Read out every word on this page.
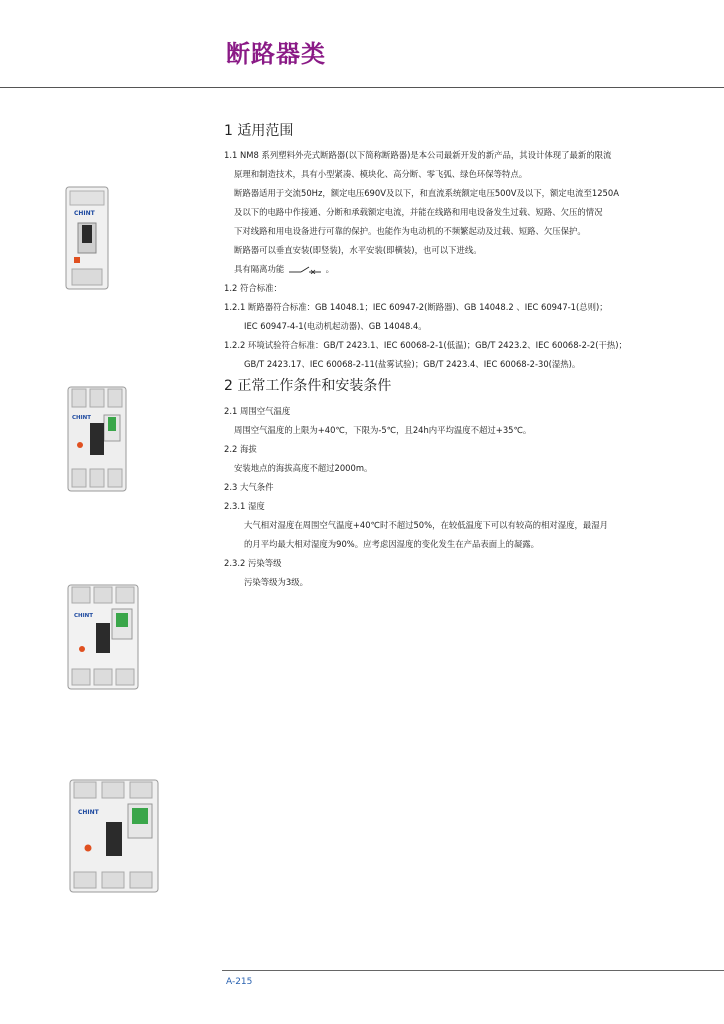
断路器类
1 适用范围

1.1 NM8 系列塑料外壳式断路器(以下简称断路器)是本公司最新开发的新产品，其设计体现了最新的限流

原理和制造技术，具有小型紧凑、模块化、高分断、零飞弧、绿色环保等特点。

断路器适用于交流50Hz，额定电压690V及以下，和直流系统额定电压500V及以下，额定电流至1250A

及以下的电路中作接通、分断和承载额定电流，并能在线路和用电设备发生过载、短路、欠压的情况

下对线路和用电设备进行可靠的保护。也能作为电动机的不频繁起动及过载、短路、欠压保护。

断路器可以垂直安装(即竖装)，水平安装(即横装)，也可以下进线。

具有隔离功能	。

1.2 符合标准：

1.2.1 断路器符合标准：GB 14048.1；IEC 60947-2(断路器)、GB 14048.2 、IEC 60947-1(总则)；

IEC 60947-4-1(电动机起动器)、GB 14048.4。

1.2.2 环境试验符合标准：GB/T 2423.1、IEC 60068-2-1(低温)；GB/T 2423.2、IEC 60068-2-2(干热)；

GB/T 2423.17、IEC 60068-2-11(盐雾试验)；GB/T 2423.4、IEC 60068-2-30(湿热)。

2 正常工作条件和安装条件

2.1 周围空气温度

周围空气温度的上限为+40℃，下限为-5℃，且24h内平均温度不超过+35℃。

2.2 海拔

安装地点的海拔高度不超过2000m。

2.3 大气条件

2.3.1 湿度

大气相对湿度在周围空气温度+40℃时不超过50%，在较低温度下可以有较高的相对湿度，最湿月

的月平均最大相对湿度为90%。应考虑因湿度的变化发生在产品表面上的凝露。

2.3.2 污染等级

污染等级为3级。

CHINT
CHINT
CHINT
CHINT
A-215
